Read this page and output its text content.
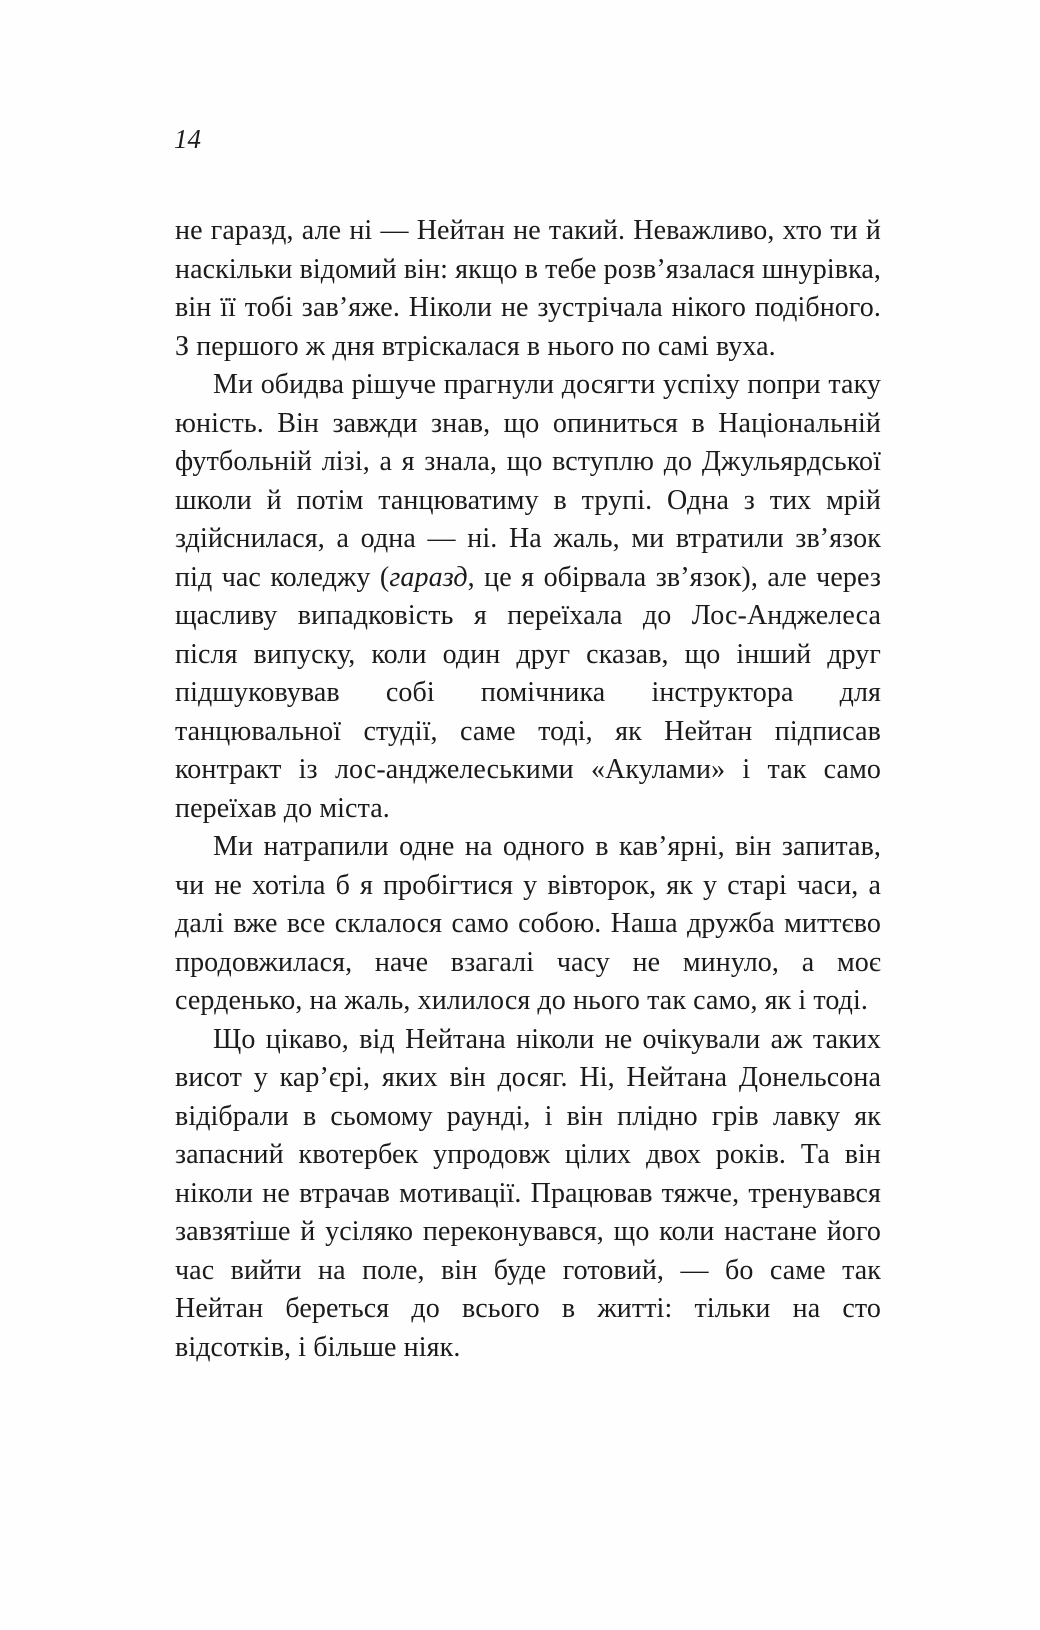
14

не гаразд, але ні — Нейтан не такий. Неважливо, хто ти й наскільки відомий він: якщо в тебе розв’язалася шнурівка, він її тобі зав’яже. Ніколи не зустрічала нікого подібного. З першого ж дня втріскалася в нього по самі вуха.

Ми обидва рішуче прагнули досягти успіху попри таку юність. Він завжди знав, що опиниться в Національній футбольній лізі, а я знала, що вступлю до Джульярдської школи й потім танцюватиму в трупі. Одна з тих мрій здійснилася, а одна — ні. На жаль, ми втратили зв’язок під час коледжу (гаразд, це я обірвала зв’язок), але через щасливу випадковість я переїхала до Лос-Анджелеса після випуску, коли один друг сказав, що інший друг підшуковував собі помічника інструктора для танцювальної студії, саме тоді, як Нейтан підписав контракт із лос-анджелеськими «Акулами» і так само переїхав до міста.

Ми натрапили одне на одного в кав’ярні, він запитав, чи не хотіла б я пробігтися у вівторок, як у старі часи, а далі вже все склалося само собою. Наша дружба миттєво продовжилася, наче взагалі часу не минуло, а моє серденько, на жаль, хилилося до нього так само, як і тоді.

Що цікаво, від Нейтана ніколи не очікували аж таких висот у кар’єрі, яких він досяг. Ні, Нейтана Донельсона відібрали в сьомому раунді, і він плідно грів лавку як запасний квотербек упродовж цілих двох років. Та він ніколи не втрачав мотивації. Працював тяжче, тренувався завзятіше й усіляко переконувався, що коли настане його час вийти на поле, він буде готовий, — бо саме так Нейтан береться до всього в житті: тільки на сто відсотків, і більше ніяк.
